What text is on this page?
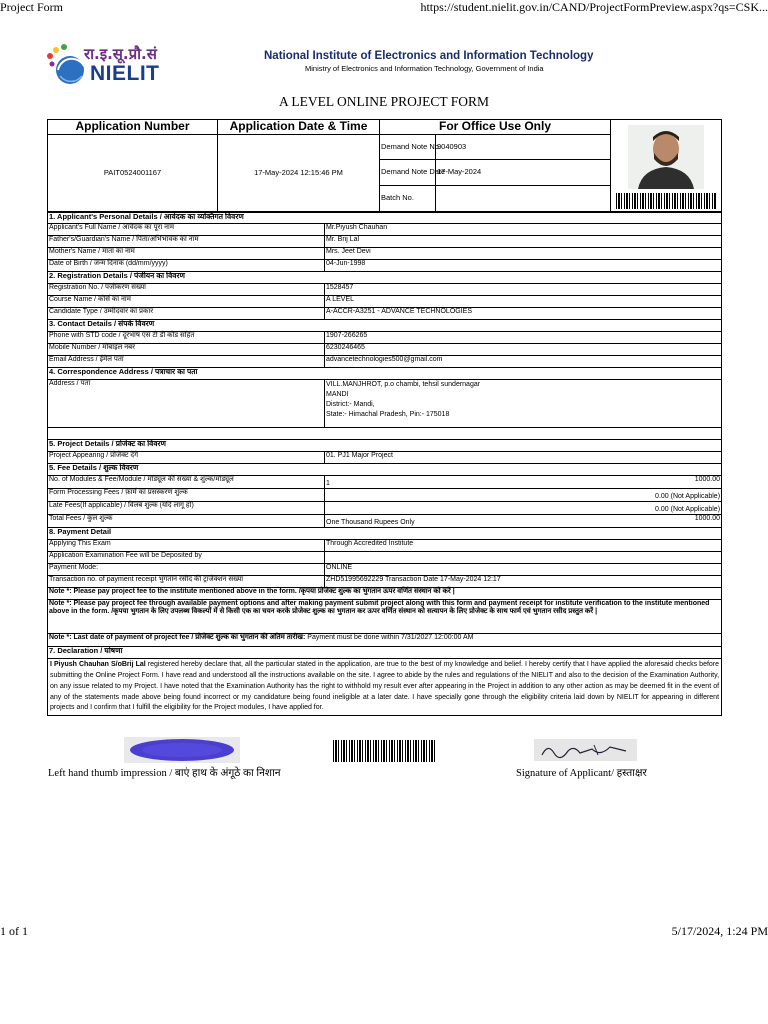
Project Form	https://student.nielit.gov.in/CAND/ProjectFormPreview.aspx?qs=CSK...
रा.इ.सू.प्रौ.सं
NIELIT
National Institute of Electronics and Information Technology
Ministry of Electronics and Information Technology, Government of India
A LEVEL ONLINE PROJECT FORM
Application Number	Application Date & Time	For Office Use Only	

PAIT0524001167	17-May-2024 12:15:46 PM	Demand Note No.	9040903	
		Demand Note Date	17-May-2024	
		Batch No.		
1. Applicant's Personal Details / आवेदक का व्यक्तिगत विवरण		
Applicant's Full Name / आवेदक का पूरा नाम	Mr.Piyush Chauhan	
Father's/Guardian's Name / पिता/अभिभावक का नाम	Mr. Brij Lal	
Mother's Name / माता का नाम	Mrs. Jeet Devi	
Date of Birth / जन्म दिनांक (dd/mm/yyyy)	04-Jun-1998	
2. Registration Details / पंजीयन का विवरण		
Registration No. / पंजीकरण संख्या	1528457	
Course Name / कोर्स का नाम	A LEVEL	
Candidate Type / उम्मीदवार का प्रकार	A-ACCR-A3251 - ADVANCE TECHNOLOGIES	
3. Contact Details / संपर्क विवरण		
Phone with STD code / दूरभाष एस टी डी कोड सहित	1907-266265	
Mobile Number / मोबाइल नंबर	6230246465	
Email Address / ईमेल पता	advancetechnologies500@gmail.com	
4. Correspondence Address / पत्राचार का पता		
Address / पता	VILL.MANJHROT, p.o chambi, tehsil sundernagar
MANDI
District:- Mandi,
State:- Himachal Pradesh, Pin:- 175018	

5. Project Details / प्रोजेक्ट का विवरण		
Project Appearing / प्रोजेक्ट देंगे	01. PJ1 Major Project	
5. Fee Details / शुल्क विवरण		
No. of Modules & Fee/Module / मॉड्यूल की संख्या & शुल्क/मॉड्यूल	1	1000.00
Form Processing Fees / फ़ार्म का प्रसंस्करण शुल्क		0.00 (Not Applicable)
Late Fees(If applicable) / विलंब शुल्क (यदि लागू हो)		0.00 (Not Applicable)
Total Fees / कुल शुल्क	One Thousand Rupees Only	1000.00
8. Payment Detail		
Applying This Exam	Through Accredited Institute	
Application Examination Fee will be Deposited by		
Payment Mode:	ONLINE	
Transaction no. of payment receipt भुगतान रसीद की ट्रांजेक्शन संख्या	ZHD51995692229 Transaction Date 17-May-2024 12:17	
Note *: Please pay project fee to the institute mentioned above in the form. /कृपया प्रोजेक्ट शुल्क का भुगतान ऊपर वर्णित संस्थान को करें |		
Note *: Please pay project fee through available payment options and after making payment submit project along with this form and payment receipt for institute verification to the institute mentioned above in the form. /कृपया भुगतान के लिए उपलब्ध विकल्पों में से किसी एक का चयन करके प्रोजेक्ट शुल्क का भुगतान कर ऊपर वर्णित संस्थान को सत्यापन के लिए प्रोजेक्ट के साथ फार्म एवं भुगतान रसीद प्रस्तुत करें |		
Note *: Last date of payment of project fee / प्रोजेक्ट शुल्क का भुगतान की अंतिम तारीख: Payment must be done within 7/31/2027 12:00:00 AM		
7. Declaration / घोषणा		
I Piyush Chauhan S/oBrij Lal registered hereby declare that, all the particular stated in the application, are true to the best of my knowledge and belief. I hereby certify that I have applied the aforesaid checks before submitting the Online Project Form. I have read and understood all the instructions available on the site. I agree to abide by the rules and regulations of the NIELIT and also to the decision of the Examination Authority, on any issue related to my Project. I have noted that the Examination Authority has the right to withhold my result ever after appearing in the Project in addition to any other action as may be deemed fit in the event of any of the statements made above being found incorrect or my candidature being found ineligible at a later date. I have specially gone through the eligibility criteria laid down by NIELIT for appearing in different projects and I confirm that I fulfill the eligibility for the Project modules, I have applied for.		
Left hand thumb impression / बाएं हाथ के अंगूठे का निशान	Signature of Applicant/ हस्ताक्षर
1 of 1	5/17/2024, 1:24 PM
